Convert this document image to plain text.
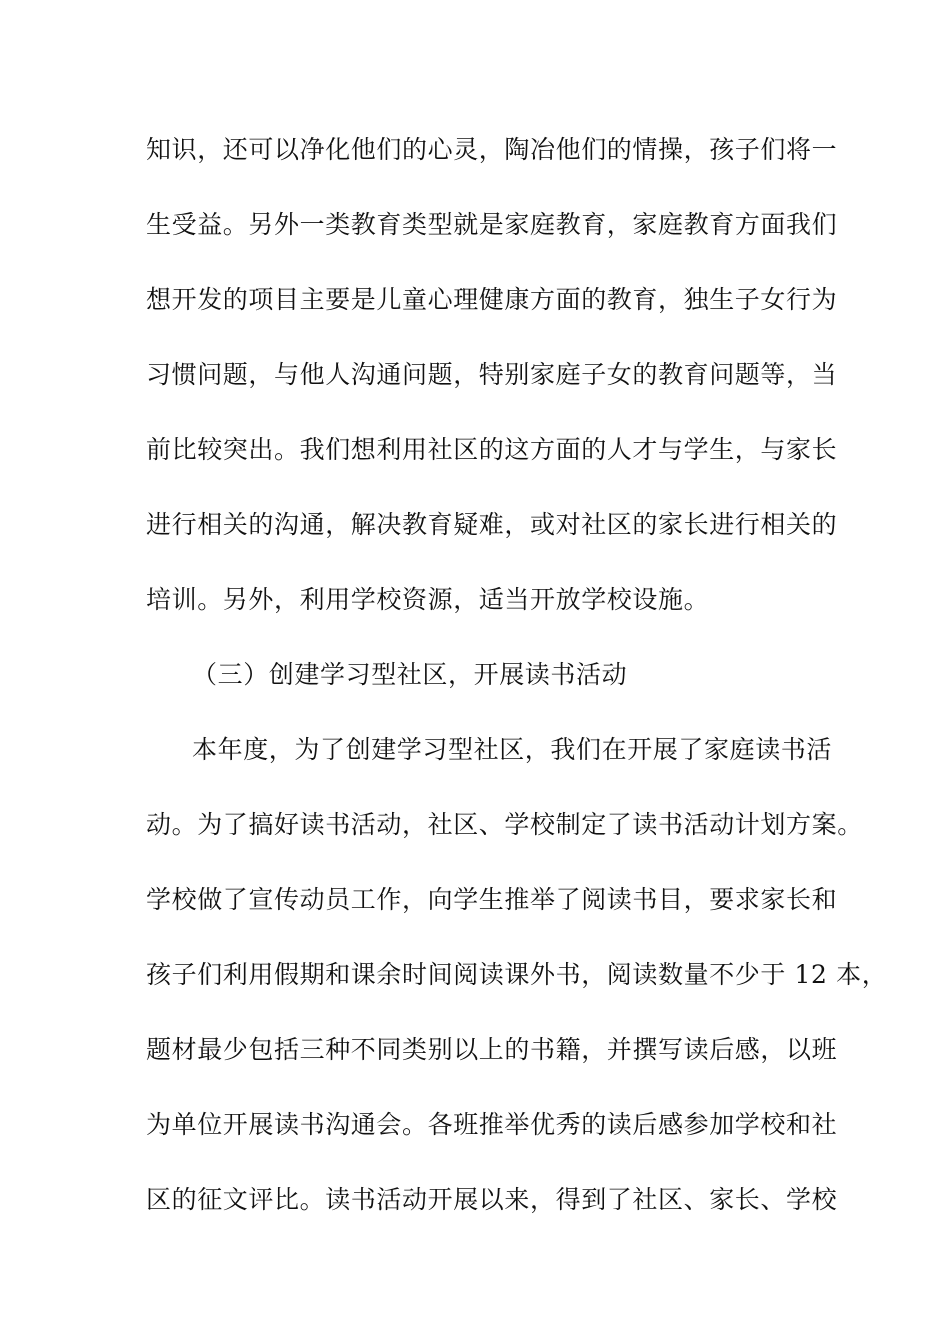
知识，还可以净化他们的心灵，陶冶他们的情操，孩子们将一
生受益。另外一类教育类型就是家庭教育，家庭教育方面我们
想开发的项目主要是儿童心理健康方面的教育，独生子女行为
习惯问题，与他人沟通问题，特别家庭子女的教育问题等，当
前比较突出。我们想利用社区的这方面的人才与学生，与家长
进行相关的沟通，解决教育疑难，或对社区的家长进行相关的
培训。另外，利用学校资源，适当开放学校设施。
（三）创建学习型社区，开展读书活动
本年度，为了创建学习型社区，我们在开展了家庭读书活
动。为了搞好读书活动，社区、学校制定了读书活动计划方案。
学校做了宣传动员工作，向学生推举了阅读书目，要求家长和
孩子们利用假期和课余时间阅读课外书，阅读数量不少于 12 本，
题材最少包括三种不同类别以上的书籍，并撰写读后感，以班
为单位开展读书沟通会。各班推举优秀的读后感参加学校和社
区的征文评比。读书活动开展以来，得到了社区、家长、学校
